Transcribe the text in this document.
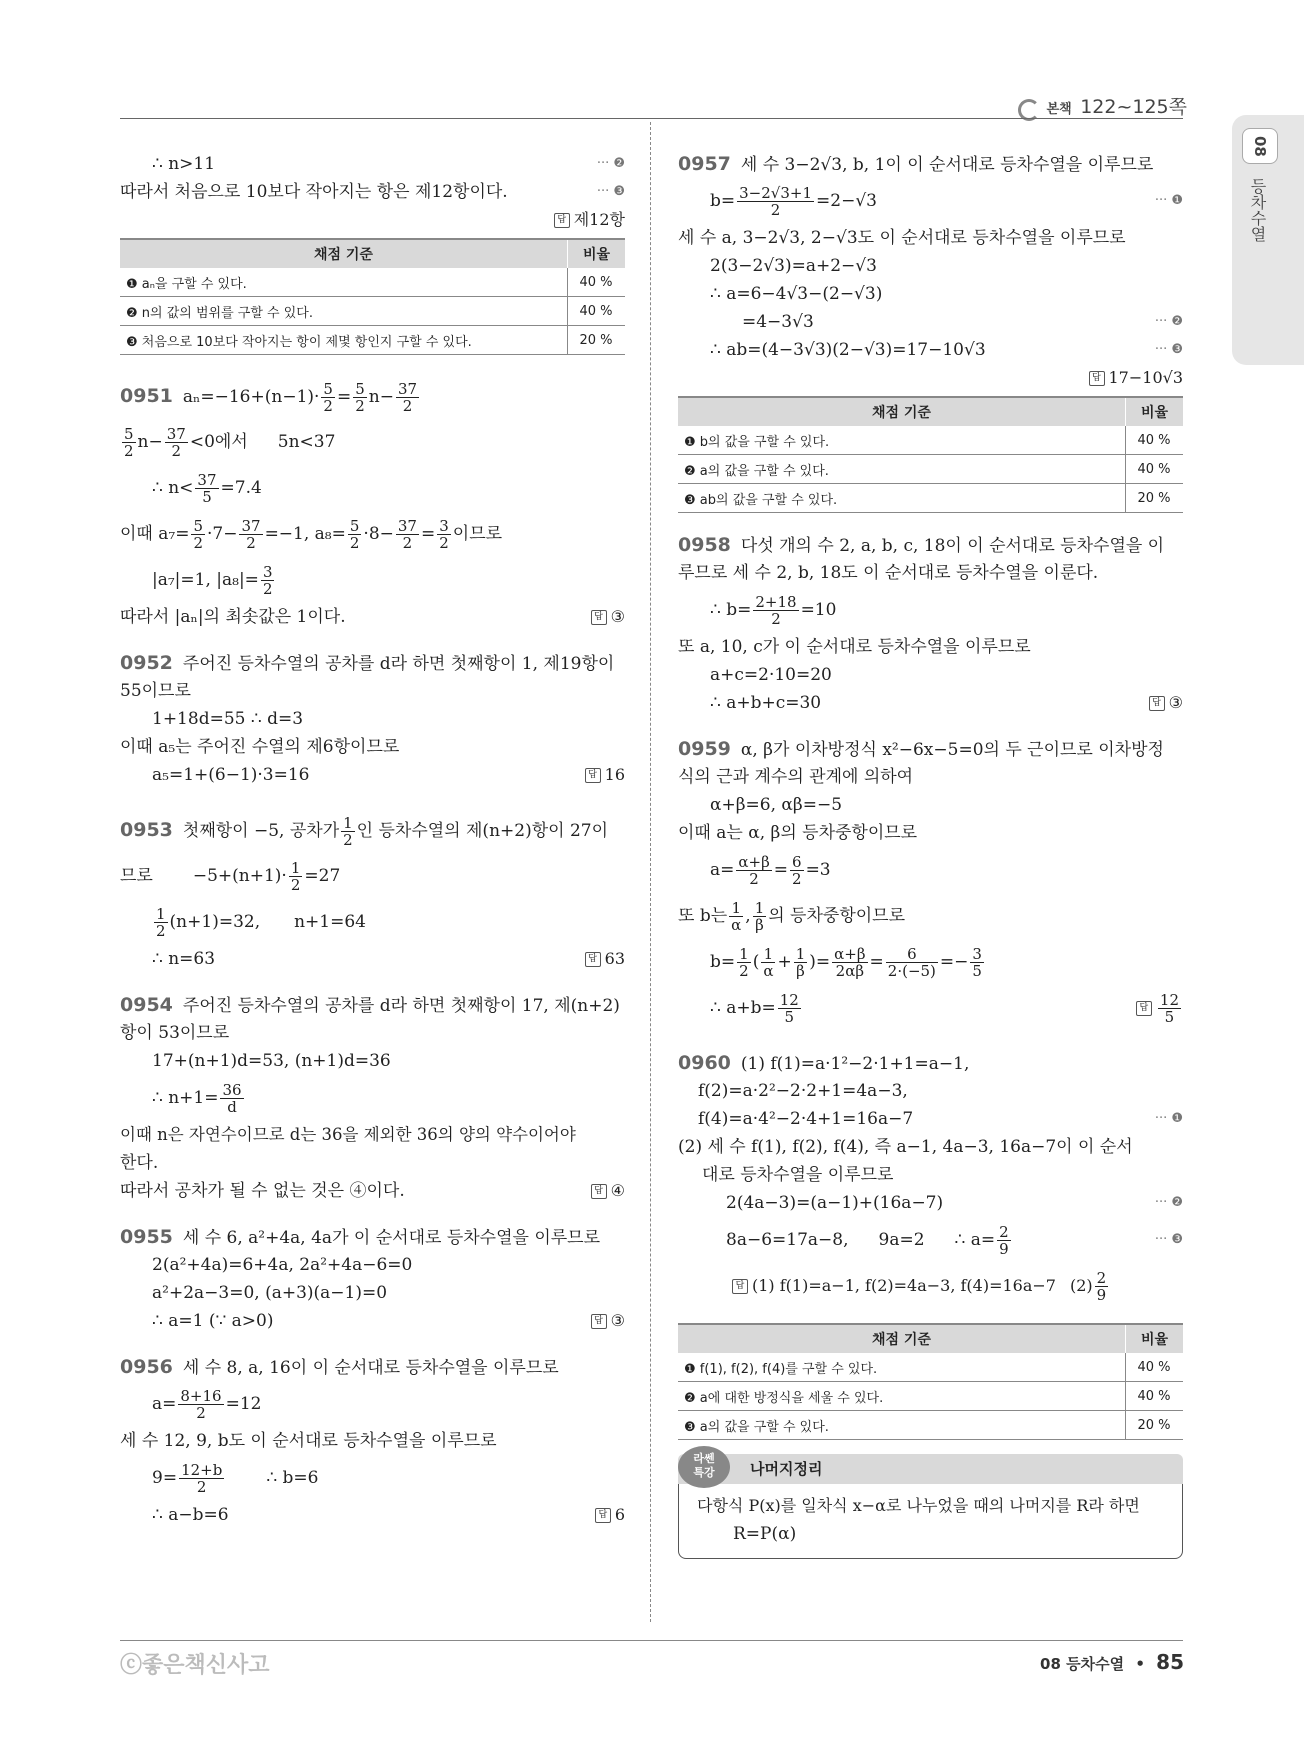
본책 122~125쪽
08
등차수열
∴ n>11	··· ❷
따라서 처음으로 10보다 작아지는 항은 제12항이다.	··· ❸
답 제12항
채점 기준	비율
❶ aₙ을 구할 수 있다.	40 %
❷ n의 값의 범위를 구할 수 있다.	40 %
❸ 처음으로 10보다 작아지는 항이 제몇 항인지 구할 수 있다.	20 %
0951 $a_n=-16+(n-1)\cdot \frac{5}{2} = \frac{5}{2} n- \frac{37}{2}$
$\frac{5}{2} n- \frac{37}{2} <0$에서 5n<37
∴ $n< \frac{37}{5} =7.4$
이때 $a_7= \frac{5}{2} \cdot 7- \frac{37}{2} =-1$, $a_8= \frac{5}{2} \cdot 8- \frac{37}{2} = \frac{3}{2}$ 이므로
|a₇|=1, $|a_8|= \frac{3}{2}$
따라서 |aₙ|의 최솟값은 1이다.	답 ③
0952 주어진 등차수열의 공차를 d라 하면 첫째항이 1, 제19항이
55이므로
1+18d=55 ∴ d=3
이때 a₅는 주어진 수열의 제6항이므로
a₅=1+(6−1)·3=16	답 16
0953 첫째항이 −5, 공차가 $\frac{1}{2}$ 인 등차수열의 제(n+2)항이 27이
므로 $-5+(n+1)\cdot \frac{1}{2} =27$
$\frac{1}{2} (n+1)=32$, n+1=64
∴ n=63	답 63
0954 주어진 등차수열의 공차를 d라 하면 첫째항이 17, 제(n+2)
항이 53이므로
17+(n+1)d=53, (n+1)d=36
∴ $n+1= \frac{36}{d}$
이때 n은 자연수이므로 d는 36을 제외한 36의 양의 약수이어야
한다.
따라서 공차가 될 수 없는 것은 ④이다.	답 ④
0955 세 수 6, a²+4a, 4a가 이 순서대로 등차수열을 이루므로
2(a²+4a)=6+4a, 2a²+4a−6=0
a²+2a−3=0, (a+3)(a−1)=0
∴ a=1 (∵ a>0)	답 ③
0956 세 수 8, a, 16이 이 순서대로 등차수열을 이루므로
$a= \frac{8+16}{2} =12$
세 수 12, 9, b도 이 순서대로 등차수열을 이루므로
$9= \frac{12+b}{2}$ ∴ b=6
∴ a−b=6	답 6
0957 세 수 3−2√3, b, 1이 이 순서대로 등차수열을 이루므로
$b= \frac{3-2√3+1}{2} =2-√3$	··· ❶
세 수 a, 3−2√3, 2−√3도 이 순서대로 등차수열을 이루므로
2(3−2√3)=a+2−√3
∴ a=6−4√3−(2−√3)
=4−3√3	··· ❷
∴ ab=(4−3√3)(2−√3)=17−10√3	··· ❸
답 17−10√3
채점 기준	비율
❶ b의 값을 구할 수 있다.	40 %
❷ a의 값을 구할 수 있다.	40 %
❸ ab의 값을 구할 수 있다.	20 %
0958 다섯 개의 수 2, a, b, c, 18이 이 순서대로 등차수열을 이
루므로 세 수 2, b, 18도 이 순서대로 등차수열을 이룬다.
∴ $b= \frac{2+18}{2} =10$
또 a, 10, c가 이 순서대로 등차수열을 이루므로
a+c=2·10=20
∴ a+b+c=30	답 ③
0959 α, β가 이차방정식 x²−6x−5=0의 두 근이므로 이차방정
식의 근과 계수의 관계에 의하여
α+β=6, αβ=−5
이때 a는 α, β의 등차중항이므로
$a= \frac{\alpha+\beta}{2} = \frac{6}{2} =3$
또 b는 $\frac{1}{\alpha}$ , $\frac{1}{\beta}$ 의 등차중항이므로
$b= \frac{1}{2}$ ( $\frac{1}{\alpha} + \frac{1}{\beta}$ )= $\frac{\alpha+\beta}{2\alpha\beta} = \frac{6}{2\cdot(-5)} =- \frac{3}{5}$
∴ $a+b= \frac{12}{5}$	답 $\frac{12}{5}$
0960 (1) f(1)=a·1²−2·1+1=a−1,
f(2)=a·2²−2·2+1=4a−3,
f(4)=a·4²−2·4+1=16a−7	··· ❶
(2) 세 수 f(1), f(2), f(4), 즉 a−1, 4a−3, 16a−7이 이 순서
대로 등차수열을 이루므로
2(4a−3)=(a−1)+(16a−7)	··· ❷
8a−6=17a−8, 9a=2 ∴ $a= \frac{2}{9}$	··· ❸
답 (1) f(1)=a−1, f(2)=4a−3, f(4)=16a−7 $(2) \frac{2}{9}$
채점 기준	비율
❶ f(1), f(2), f(4)를 구할 수 있다.	40 %
❷ a에 대한 방정식을 세울 수 있다.	40 %
❸ a의 값을 구할 수 있다.	20 %
라쎈
특강	나머지정리
다항식 P(x)를 일차식 x−α로 나누었을 때의 나머지를 R라 하면
R=P(α)
ⓒ좋은책신사고	08 등차수열 • 85
